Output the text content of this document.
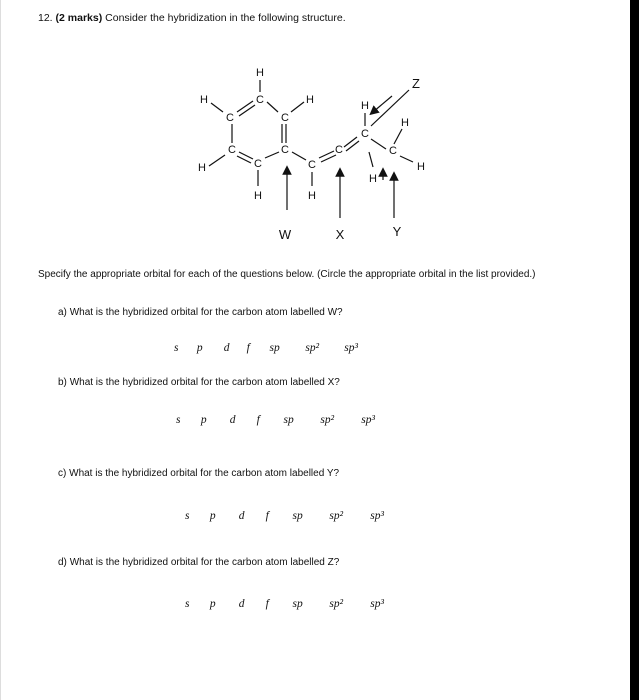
12. (2 marks) Consider the hybridization in the following structure.
H
H
C
C
C
H
C	C
H	C	C
C
C
C
H
H
H
H
H	H
Z
W	X	Y
Specify the appropriate orbital for each of the questions below. (Circle the appropriate orbital in the list provided.)
a) What is the hybridized orbital for the carbon atom labelled W?
s p d f sp sp² sp³
b) What is the hybridized orbital for the carbon atom labelled X?
s p d f sp sp² sp³
c) What is the hybridized orbital for the carbon atom labelled Y?
s p d f sp sp² sp³
d) What is the hybridized orbital for the carbon atom labelled Z?
s p d f sp sp² sp³
